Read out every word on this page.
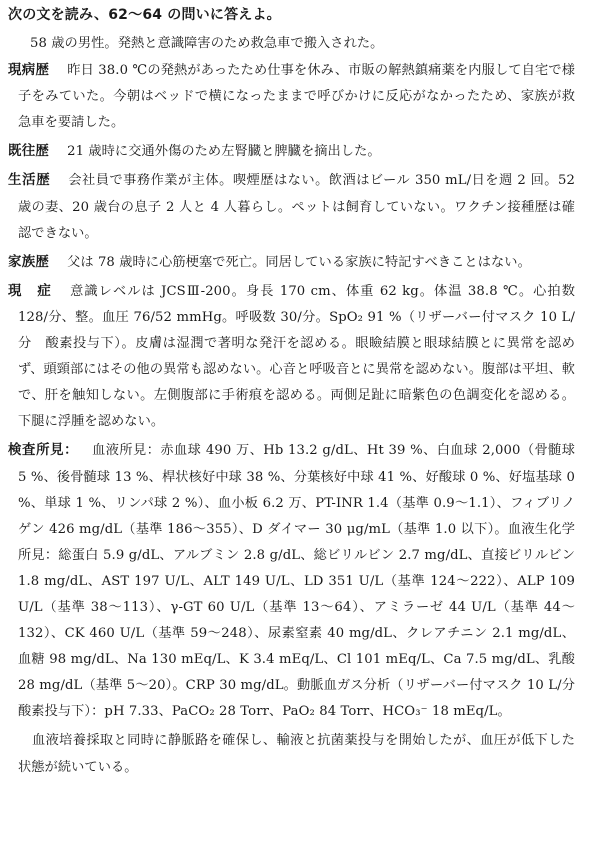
次の文を読み、62〜64 の問いに答えよ。

58 歳の男性。発熱と意識障害のため救急車で搬入された。

現病歴 昨日 38.0 ℃の発熱があったため仕事を休み、市販の解熱鎮痛薬を内服して自宅で様子をみていた。今朝はベッドで横になったままで呼びかけに反応がなかったため、家族が救急車を要請した。

既往歴 21 歳時に交通外傷のため左腎臓と脾臓を摘出した。

生活歴 会社員で事務作業が主体。喫煙歴はない。飲酒はビール 350 mL/日を週 2 回。52 歳の妻、20 歳台の息子 2 人と 4 人暮らし。ペットは飼育していない。ワクチン接種歴は確認できない。

家族歴 父は 78 歳時に心筋梗塞で死亡。同居している家族に特記すべきことはない。

現　症 意識レベルは JCSⅢ-200。身長 170 cm、体重 62 kg。体温 38.8 ℃。心拍数 128/分、整。血圧 76/52 mmHg。呼吸数 30/分。SpO₂ 91 %（リザーバー付マスク 10 L/分　酸素投与下）。皮膚は湿潤で著明な発汗を認める。眼瞼結膜と眼球結膜とに異常を認めず、頭頸部にはその他の異常も認めない。心音と呼吸音とに異常を認めない。腹部は平坦、軟で、肝を触知しない。左側腹部に手術痕を認める。両側足趾に暗紫色の色調変化を認める。下腿に浮腫を認めない。

検査所見： 血液所見：赤血球 490 万、Hb 13.2 g/dL、Ht 39 %、白血球 2,000（骨髄球 5 %、後骨髄球 13 %、桿状核好中球 38 %、分葉核好中球 41 %、好酸球 0 %、好塩基球 0 %、単球 1 %、リンパ球 2 %）、血小板 6.2 万、PT-INR 1.4（基準 0.9〜1.1）、フィブリノゲン 426 mg/dL（基準 186〜355）、D ダイマー 30 μg/mL（基準 1.0 以下）。血液生化学所見：総蛋白 5.9 g/dL、アルブミン 2.8 g/dL、総ビリルビン 2.7 mg/dL、直接ビリルビン 1.8 mg/dL、AST 197 U/L、ALT 149 U/L、LD 351 U/L（基準 124〜222）、ALP 109 U/L（基準 38〜113）、γ-GT 60 U/L（基準 13〜64）、アミラーゼ 44 U/L（基準 44〜132）、CK 460 U/L（基準 59〜248）、尿素窒素 40 mg/dL、クレアチニン 2.1 mg/dL、血糖 98 mg/dL、Na 130 mEq/L、K 3.4 mEq/L、Cl 101 mEq/L、Ca 7.5 mg/dL、乳酸 28 mg/dL（基準 5〜20）。CRP 30 mg/dL。動脈血ガス分析（リザーバー付マスク 10 L/分　酸素投与下）：pH 7.33、PaCO₂ 28 Torr、PaO₂ 84 Torr、HCO₃⁻ 18 mEq/L。

血液培養採取と同時に静脈路を確保し、輸液と抗菌薬投与を開始したが、血圧が低下した状態が続いている。
